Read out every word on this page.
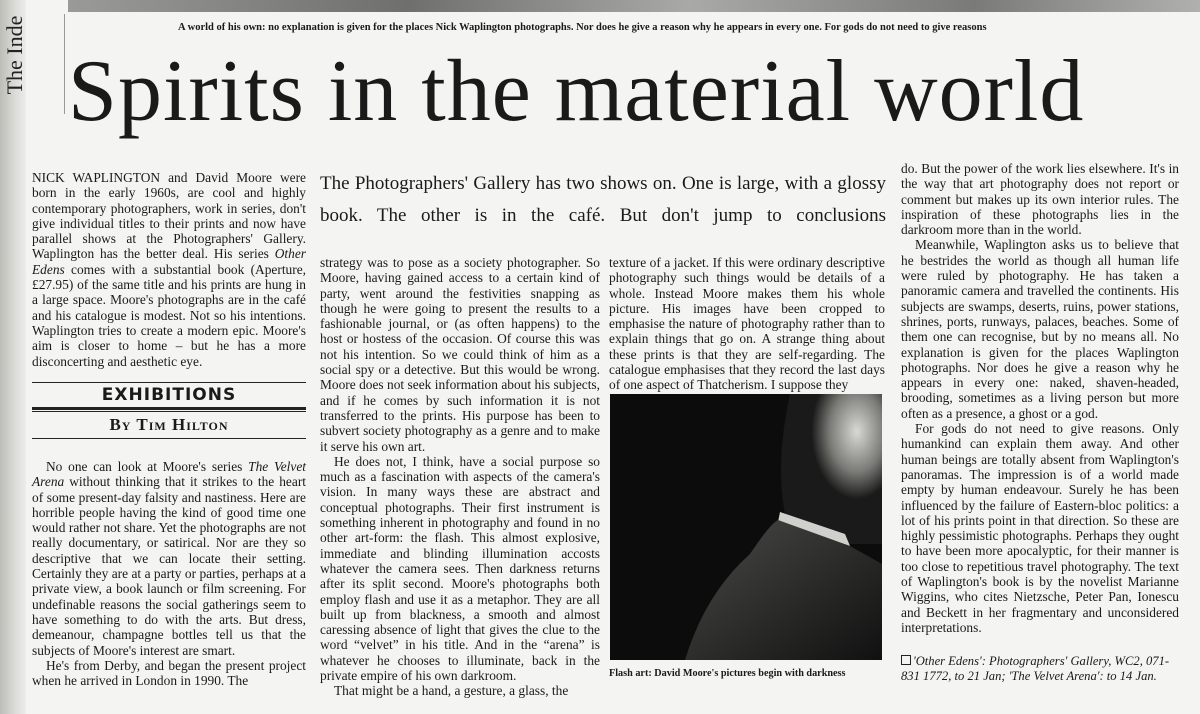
The Inde	A world of his own: no explanation is given for the places Nick Waplington photographs. Nor does he give a reason why he appears in every one. For gods do not need to give reasons
Spirits in the material world

NICK WAPLINGTON and David Moore were born in the early 1960s, are cool and highly contemporary photographers, work in series, don't give individual titles to their prints and now have parallel shows at the Photographers' Gallery. Waplington has the better deal. His series Other Edens comes with a substantial book (Aperture, £27.95) of the same title and his prints are hung in a large space. Moore's photographs are in the café and his catalogue is modest. Not so his intentions. Waplington tries to create a modern epic. Moore's aim is closer to home – but he has a more disconcerting and aesthetic eye.

EXHIBITIONS
By Tim Hilton

No one can look at Moore's series The Velvet Arena without thinking that it strikes to the heart of some present-day falsity and nastiness. Here are horrible people having the kind of good time one would rather not share. Yet the photographs are not really documentary, or satirical. Nor are they so descriptive that we can locate their setting. Certainly they are at a party or parties, perhaps at a private view, a book launch or film screening. For undefinable reasons the social gatherings seem to have something to do with the arts. But dress, demeanour, champagne bottles tell us that the subjects of Moore's interest are smart.

He's from Derby, and began the present project when he arrived in London in 1990. The

The Photographers' Gallery has two shows on. One is large, with a glossy book. The other is in the café. But don't jump to conclusions

strategy was to pose as a society photographer. So Moore, having gained access to a certain kind of party, went around the festivities snapping as though he were going to present the results to a fashionable journal, or (as often happens) to the host or hostess of the occasion. Of course this was not his intention. So we could think of him as a social spy or a detective. But this would be wrong. Moore does not seek information about his subjects, and if he comes by such information it is not transferred to the prints. His purpose has been to subvert society photography as a genre and to make it serve his own art.

He does not, I think, have a social purpose so much as a fascination with aspects of the camera's vision. In many ways these are abstract and conceptual photographs. Their first instrument is something inherent in photography and found in no other art-form: the flash. This almost explosive, immediate and blinding illumination accosts whatever the camera sees. Then darkness returns after its split second. Moore's photographs both employ flash and use it as a metaphor. They are all built up from blackness, a smooth and almost caressing absence of light that gives the clue to the word “velvet” in his title. And in the “arena” is whatever he chooses to illuminate, back in the private empire of his own darkroom.

That might be a hand, a gesture, a glass, the

texture of a jacket. If this were ordinary descriptive photography such things would be details of a whole. Instead Moore makes them his whole picture. His images have been cropped to emphasise the nature of photography rather than to explain things that go on. A strange thing about these prints is that they are self-regarding. The catalogue emphasises that they record the last days of one aspect of Thatcherism. I suppose they

Flash art: David Moore's pictures begin with darkness

do. But the power of the work lies elsewhere. It's in the way that art photography does not report or comment but makes up its own interior rules. The inspiration of these photographs lies in the darkroom more than in the world.

Meanwhile, Waplington asks us to believe that he bestrides the world as though all human life were ruled by photography. He has taken a panoramic camera and travelled the continents. His subjects are swamps, deserts, ruins, power stations, shrines, ports, runways, palaces, beaches. Some of them one can recognise, but by no means all. No explanation is given for the places Waplington photographs. Nor does he give a reason why he appears in every one: naked, shaven-headed, brooding, sometimes as a living person but more often as a presence, a ghost or a god.

For gods do not need to give reasons. Only humankind can explain them away. And other human beings are totally absent from Waplington's panoramas. The impression is of a world made empty by human endeavour. Surely he has been influenced by the failure of Eastern-bloc politics: a lot of his prints point in that direction. So these are highly pessimistic photographs. Perhaps they ought to have been more apocalyptic, for their manner is too close to repetitious travel photography. The text of Waplington's book is by the novelist Marianne Wiggins, who cites Nietzsche, Peter Pan, Ionescu and Beckett in her fragmentary and unconsidered interpretations.

'Other Edens': Photographers' Gallery, WC2, 071-831 1772, to 21 Jan; 'The Velvet Arena': to 14 Jan.
